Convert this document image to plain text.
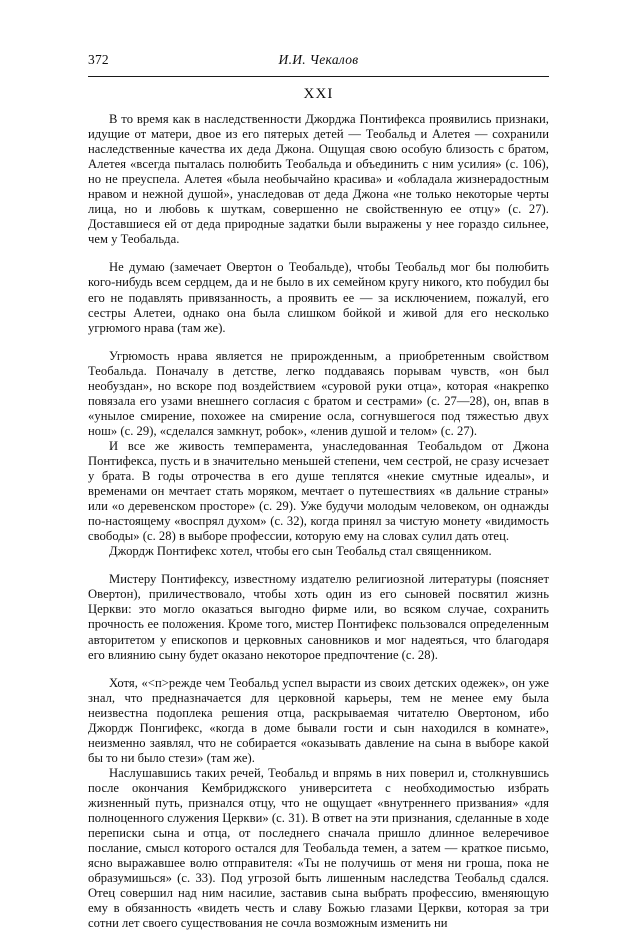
372	И.И. Чекалов
XXI

В то время как в наследственности Джорджа Понтифекса проявились признаки, идущие от матери, двое из его пятерых детей — Теобальд и Алетея — сохранили наследственные качества их деда Джона. Ощущая свою особую близость с братом, Алетея «всегда пыталась полюбить Теобальда и объединить с ним усилия» (с. 106), но не преуспела. Алетея «была необычайно красива» и «обладала жизнерадостным нравом и нежной душой», унаследовав от деда Джона «не только некоторые черты лица, но и любовь к шуткам, совершенно не свойственную ее отцу» (с. 27). Доставшиеся ей от деда природные задатки были выражены у нее гораздо сильнее, чем у Теобальда.

Не думаю (замечает Овертон о Теобальде), чтобы Теобальд мог бы полюбить кого-нибудь всем сердцем, да и не было в их семейном кругу никого, кто побудил бы его не подавлять привязанность, а проявить ее — за исключением, пожалуй, его сестры Алетеи, однако она была слишком бойкой и живой для его несколько угрюмого нрава (там же).

Угрюмость нрава является не прирожденным, а приобретенным свойством Теобальда. Поначалу в детстве, легко поддаваясь порывам чувств, «он был необуздан», но вскоре под воздействием «суровой руки отца», которая «накрепко повязала его узами внешнего согласия с братом и сестрами» (с. 27—28), он, впав в «унылое смирение, похожее на смирение осла, согнувшегося под тяжестью двух нош» (с. 29), «сделался замкнут, робок», «ленив душой и телом» (с. 27).

И все же живость темперамента, унаследованная Теобальдом от Джона Понтифекса, пусть и в значительно меньшей степени, чем сестрой, не сразу исчезает у брата. В годы отрочества в его душе теплятся «некие смутные идеалы», и временами он мечтает стать моряком, мечтает о путешествиях «в дальние страны» или «о деревенском просторе» (с. 29). Уже будучи молодым человеком, он однажды по-настоящему «воспрял духом» (с. 32), когда принял за чистую монету «видимость свободы» (с. 28) в выборе профессии, которую ему на словах сулил дать отец.

Джордж Понтифекс хотел, чтобы его сын Теобальд стал священником.

Мистеру Понтифексу, известному издателю религиозной литературы (поясняет Овертон), приличествовало, чтобы хоть один из его сыновей посвятил жизнь Церкви: это могло оказаться выгодно фирме или, во всяком случае, сохранить прочность ее положения. Кроме того, мистер Понтифекс пользовался определенным авторитетом у епископов и церковных сановников и мог надеяться, что благодаря его влиянию сыну будет оказано некоторое предпочтение (с. 28).

Хотя, «<п>режде чем Теобальд успел вырасти из своих детских одежек», он уже знал, что предназначается для церковной карьеры, тем не менее ему была неизвестна подоплека решения отца, раскрываемая читателю Овертоном, ибо Джордж Понгифекс, «когда в доме бывали гости и сын находился в комнате», неизменно заявлял, что не собирается «оказывать давление на сына в выборе какой бы то ни было стези» (там же).

Наслушавшись таких речей, Теобальд и впрямь в них поверил и, столкнувшись после окончания Кембриджского университета с необходимостью избрать жизненный путь, признался отцу, что не ощущает «внутреннего призвания» «для полноценного служения Церкви» (с. 31). В ответ на эти признания, сделанные в ходе переписки сына и отца, от последнего сначала пришло длинное велеречивое послание, смысл которого остался для Теобальда темен, а затем — краткое письмо, ясно выражавшее волю отправителя: «Ты не получишь от меня ни гроша, пока не образумишься» (с. 33). Под угрозой быть лишенным наследства Теобальд сдался. Отец совершил над ним насилие, заставив сына выбрать профессию, вменяющую ему в обязанность «видеть честь и славу Божью глазами Церкви, которая за три сотни лет своего существования не сочла возможным изменить ни
